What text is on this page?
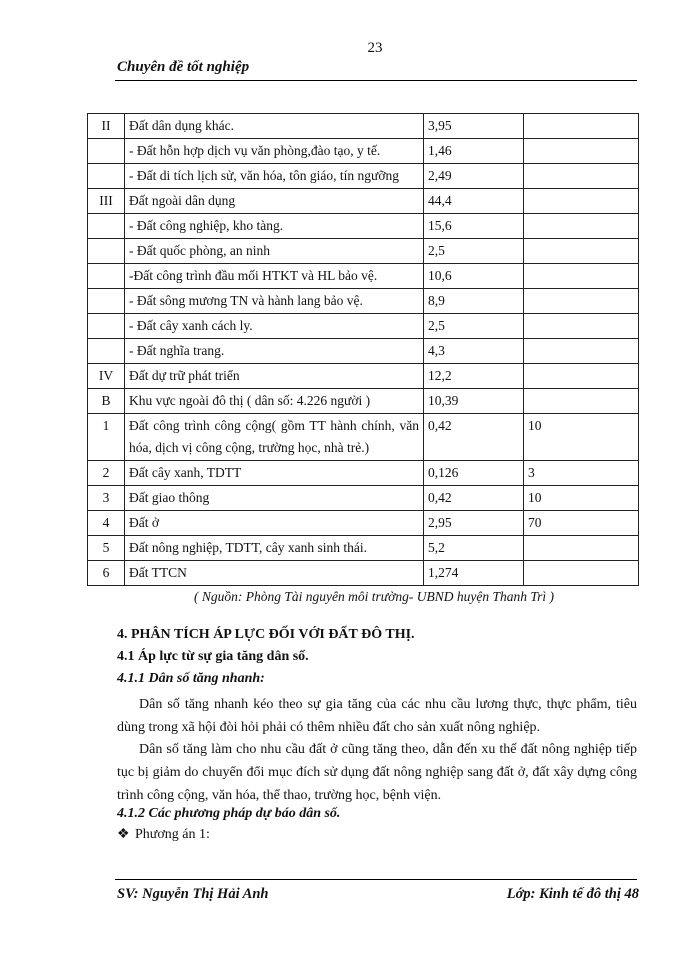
23
Chuyên đề tốt nghiệp
II	Đất dân dụng khác.	3,95	
	- Đất hỗn hợp dịch vụ văn phòng,đào tạo, y tế.	1,46	
	- Đất di tích lịch sử, văn hóa, tôn giáo, tín ngưỡng	2,49	
III	Đất ngoài dân dụng	44,4	
	- Đất công nghiệp, kho tàng.	15,6	
	- Đất quốc phòng, an ninh	2,5	
	-Đất công trình đầu mối HTKT và HL bảo vệ.	10,6	
	- Đất sông mương TN và hành lang bảo vệ.	8,9	
	- Đất cây xanh cách ly.	2,5	
	- Đất nghĩa trang.	4,3	
IV	Đất dự trữ phát triển	12,2	
B	Khu vực ngoài đô thị ( dân số: 4.226 người )	10,39	
1	Đất công trình công cộng( gồm TT hành chính, văn hóa, dịch vị công cộng, trường học, nhà trẻ.)	0,42	10
2	Đất cây xanh, TDTT	0,126	3
3	Đất giao thông	0,42	10
4	Đất ở	2,95	70
5	Đất nông nghiệp, TDTT, cây xanh sinh thái.	5,2	
6	Đất TTCN	1,274	
( Nguồn: Phòng Tài nguyên môi trường- UBND huyện Thanh Trì )
4. PHÂN TÍCH ÁP LỰC ĐỐI VỚI ĐẤT ĐÔ THỊ.
4.1 Áp lực từ sự gia tăng dân số.
4.1.1 Dân số tăng nhanh:
Dân số tăng nhanh kéo theo sự gia tăng của các nhu cầu lương thực, thực phẩm, tiêu dùng trong xã hội đòi hỏi phải có thêm nhiều đất cho sản xuất nông nghiệp.
Dân số tăng làm cho nhu cầu đất ở cũng tăng theo, dẫn đến xu thế đất nông nghiệp tiếp tục bị giảm do chuyển đổi mục đích sử dụng đất nông nghiệp sang đất ở, đất xây dựng công trình công cộng, văn hóa, thể thao, trường học, bệnh viện.
4.1.2 Các phương pháp dự báo dân số.
❖ Phương án 1:
SV: Nguyễn Thị Hải Anh	Lớp: Kinh tế đô thị 48
